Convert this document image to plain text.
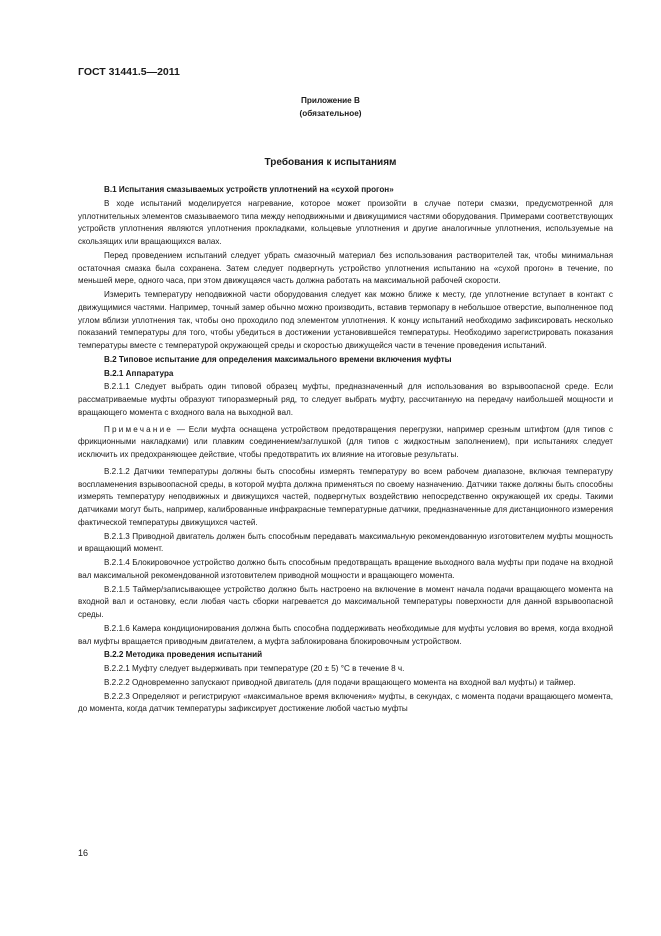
ГОСТ 31441.5—2011
Приложение В
(обязательное)
Требования к испытаниям

В.1 Испытания смазываемых устройств уплотнений на «сухой прогон»

В ходе испытаний моделируется нагревание, которое может произойти в случае потери смазки, предусмотренной для уплотнительных элементов смазываемого типа между неподвижными и движущимися частями оборудования. Примерами соответствующих устройств уплотнения являются уплотнения прокладками, кольцевые уплотнения и другие аналогичные уплотнения, используемые на скользящих или вращающихся валах.

Перед проведением испытаний следует убрать смазочный материал без использования растворителей так, чтобы минимальная остаточная смазка была сохранена. Затем следует подвергнуть устройство уплотнения испытанию на «сухой прогон» в течение, по меньшей мере, одного часа, при этом движущаяся часть должна работать на максимальной рабочей скорости.

Измерить температуру неподвижной части оборудования следует как можно ближе к месту, где уплотнение вступает в контакт с движущимися частями. Например, точный замер обычно можно производить, вставив термопару в небольшое отверстие, выполненное под углом вблизи уплотнения так, чтобы оно проходило под элементом уплотнения. К концу испытаний необходимо зафиксировать несколько показаний температуры для того, чтобы убедиться в достижении установившейся температуры. Необходимо зарегистрировать показания температуры вместе с температурой окружающей среды и скоростью движущейся части в течение проведения испытаний.

В.2 Типовое испытание для определения максимального времени включения муфты

В.2.1 Аппаратура

В.2.1.1 Следует выбрать один типовой образец муфты, предназначенный для использования во взрывоопасной среде. Если рассматриваемые муфты образуют типоразмерный ряд, то следует выбрать муфту, рассчитанную на передачу наибольшей мощности и вращающего момента с входного вала на выходной вал.

Примечание — Если муфта оснащена устройством предотвращения перегрузки, например срезным штифтом (для типов с фрикционными накладками) или плавким соединением/заглушкой (для типов с жидкостным заполнением), при испытаниях следует исключить их предохраняющее действие, чтобы предотвратить их влияние на итоговые результаты.

В.2.1.2 Датчики температуры должны быть способны измерять температуру во всем рабочем диапазоне, включая температуру воспламенения взрывоопасной среды, в которой муфта должна применяться по своему назначению. Датчики также должны быть способны измерять температуру неподвижных и движущихся частей, подвергнутых воздействию непосредственно окружающей их среды. Такими датчиками могут быть, например, калиброванные инфракрасные температурные датчики, предназначенные для дистанционного измерения фактической температуры движущихся частей.

В.2.1.3 Приводной двигатель должен быть способным передавать максимальную рекомендованную изготовителем муфты мощность и вращающий момент.

В.2.1.4 Блокировочное устройство должно быть способным предотвращать вращение выходного вала муфты при подаче на входной вал максимальной рекомендованной изготовителем приводной мощности и вращающего момента.

В.2.1.5 Таймер/записывающее устройство должно быть настроено на включение в момент начала подачи вращающего момента на входной вал и остановку, если любая часть сборки нагревается до максимальной температуры поверхности для данной взрывоопасной среды.

В.2.1.6 Камера кондиционирования должна быть способна поддерживать необходимые для муфты условия во время, когда входной вал муфты вращается приводным двигателем, а муфта заблокирована блокировочным устройством.

В.2.2 Методика проведения испытаний

В.2.2.1 Муфту следует выдерживать при температуре (20 ± 5) °С в течение 8 ч.

В.2.2.2 Одновременно запускают приводной двигатель (для подачи вращающего момента на входной вал муфты) и таймер.

В.2.2.3 Определяют и регистрируют «максимальное время включения» муфты, в секундах, с момента подачи вращающего момента, до момента, когда датчик температуры зафиксирует достижение любой частью муфты

16
